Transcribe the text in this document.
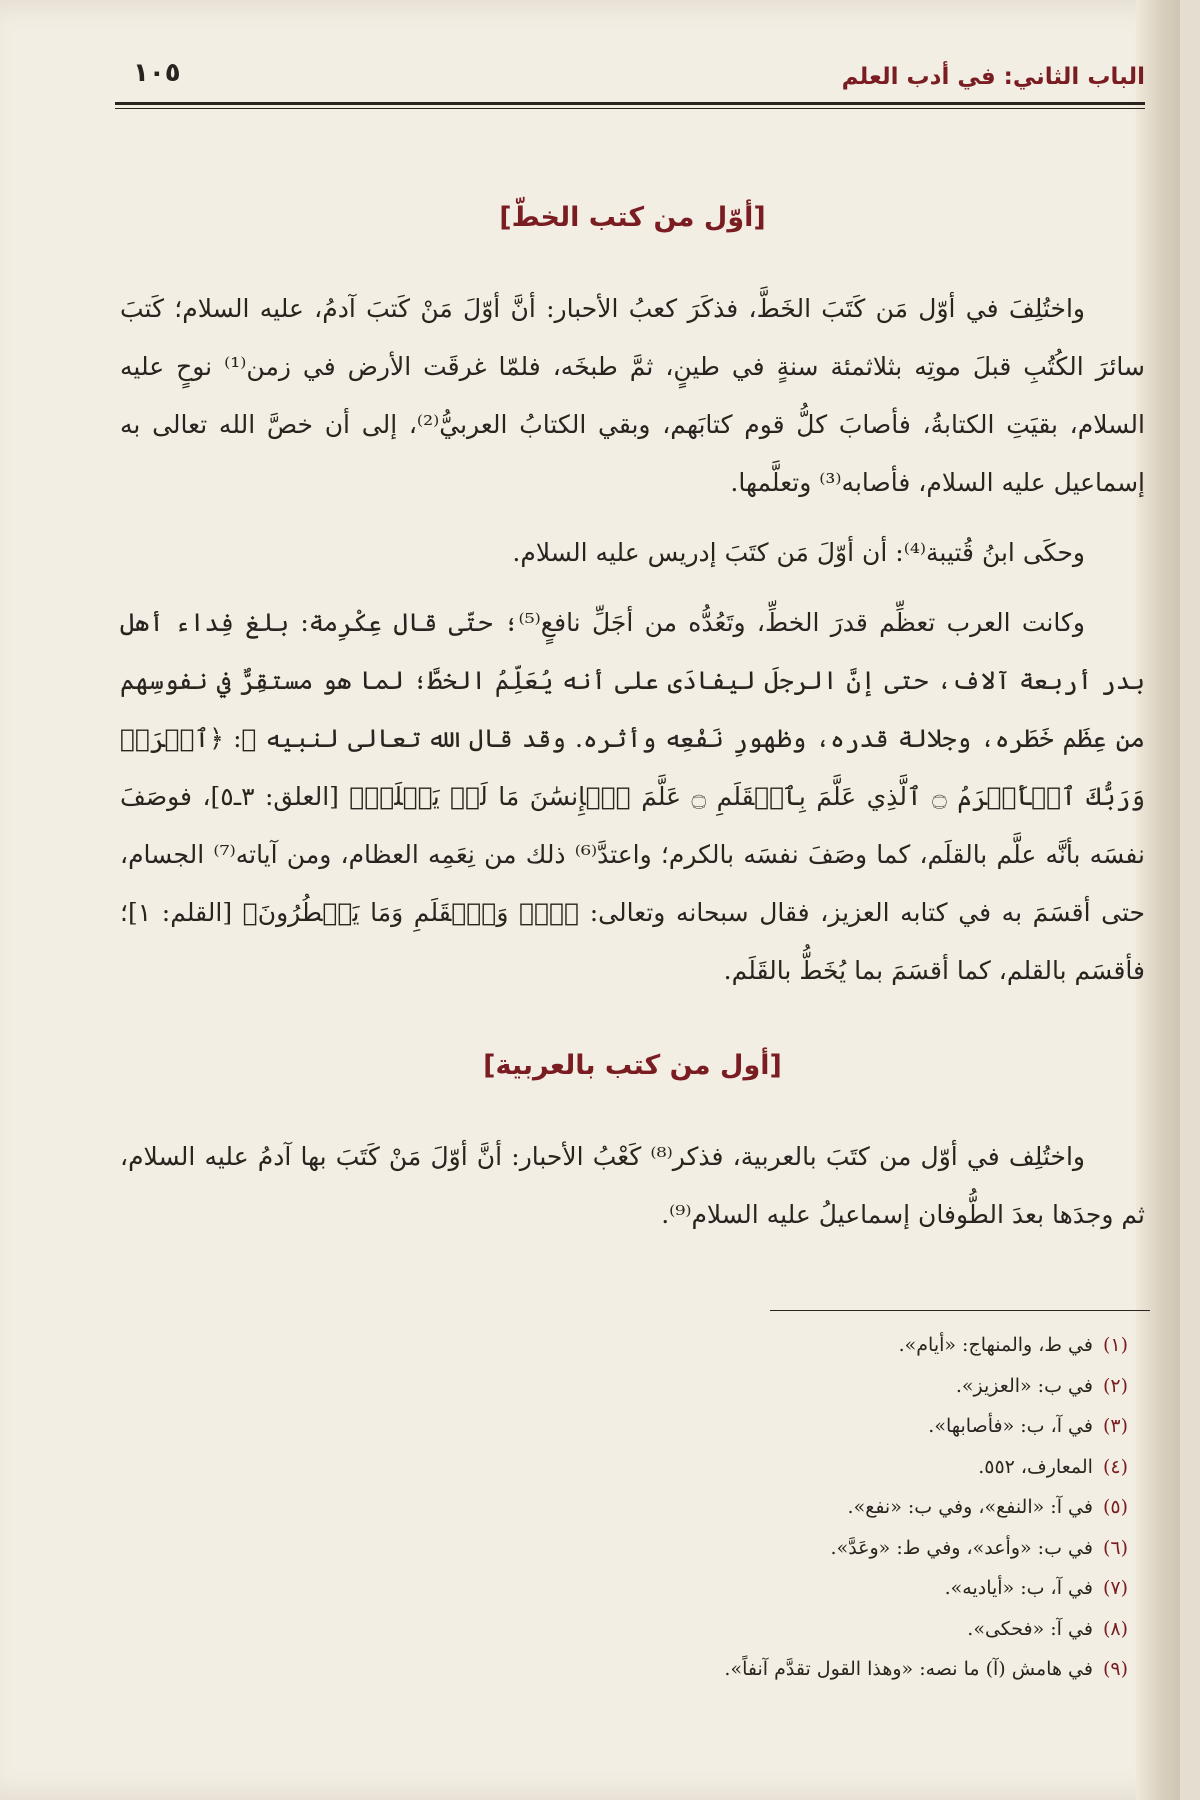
الباب الثاني: في أدب العلم
١٠٥
[أوّل من كتب الخطّ]

واختُلِفَ في أوّل مَن كَتَبَ الخَطَّ، فذكَرَ كعبُ الأحبار: أنَّ أوّلَ مَنْ كَتبَ آدمُ، عليه السلام؛ كَتبَ سائرَ الكُتُبِ قبلَ موتِه بثلاثمئة سنةٍ في طينٍ، ثمَّ طبخَه، فلمّا غرقَت الأرض في زمن⁽¹⁾ نوحٍ عليه السلام، بقيَتِ الكتابةُ، فأصابَ كلُّ قوم كتابَهم، وبقي الكتابُ العربيُّ⁽²⁾، إلى أن خصَّ الله تعالى به إسماعيل عليه السلام، فأصابه⁽³⁾ وتعلَّمها.

وحكَى ابنُ قُتيبة⁽⁴⁾: أن أوّلَ مَن كتَبَ إدريس عليه السلام.

وكانت العرب تعظِّم قدرَ الخطِّ، وتَعُدُّه من أجَلِّ نافعٍ⁽⁵⁾؛ حتّى قال عِكْرِمة: بلغ فِداء أهل بدر أربعة آلاف، حتى إنَّ الرجلَ ليفادَى على أنه يُعَلِّمُ الخطَّ؛ لما هو مستقِرٌّ في نفوسِهم من عِظَم خَطَره، وجلالة قدره، وظهورِ نَفْعِه وأثره. وقد قال الله تعالى لنبيه ﷺ: ﴿ٱقۡرَأۡ وَرَبُّكَ ٱلۡأَكۡرَمُ ۝ ٱلَّذِي عَلَّمَ بِٱلۡقَلَمِ ۝ عَلَّمَ ٱلۡإِنسَٰنَ مَا لَمۡ يَعۡلَمۡ﴾ [العلق: ٣ـ٥]، فوصَفَ نفسَه بأنَّه علَّم بالقلَم، كما وصَفَ نفسَه بالكرم؛ واعتدَّ⁽⁶⁾ ذلك من نِعَمِه العظام، ومن آياته⁽⁷⁾ الجسام، حتى أقسَمَ به في كتابه العزيز، فقال سبحانه وتعالى: ﴿نٓۚ وَٱلۡقَلَمِ وَمَا يَسۡطُرُونَ﴾ [القلم: ١]؛ فأقسَم بالقلم، كما أقسَمَ بما يُخَطُّ بالقَلَم.

[أول من كتب بالعربية]

واختُلِف في أوّل من كتَبَ بالعربية، فذكر⁽⁸⁾ كَعْبُ الأحبار: أنَّ أوّلَ مَنْ كَتَبَ بها آدمُ عليه السلام، ثم وجدَها بعدَ الطُّوفان إسماعيلُ عليه السلام⁽⁹⁾.

(١)في ط، والمنهاج: «أيام».
(٢)في ب: «العزيز».
(٣)في آ، ب: «فأصابها».
(٤)المعارف، ٥٥٢.
(٥)في آ: «النفع»، وفي ب: «نفع».
(٦)في ب: «وأعد»، وفي ط: «وعَدَّ».
(٧)في آ، ب: «أياديه».
(٨)في آ: «فحكى».
(٩)في هامش (آ) ما نصه: «وهذا القول تقدَّم آنفاً».
